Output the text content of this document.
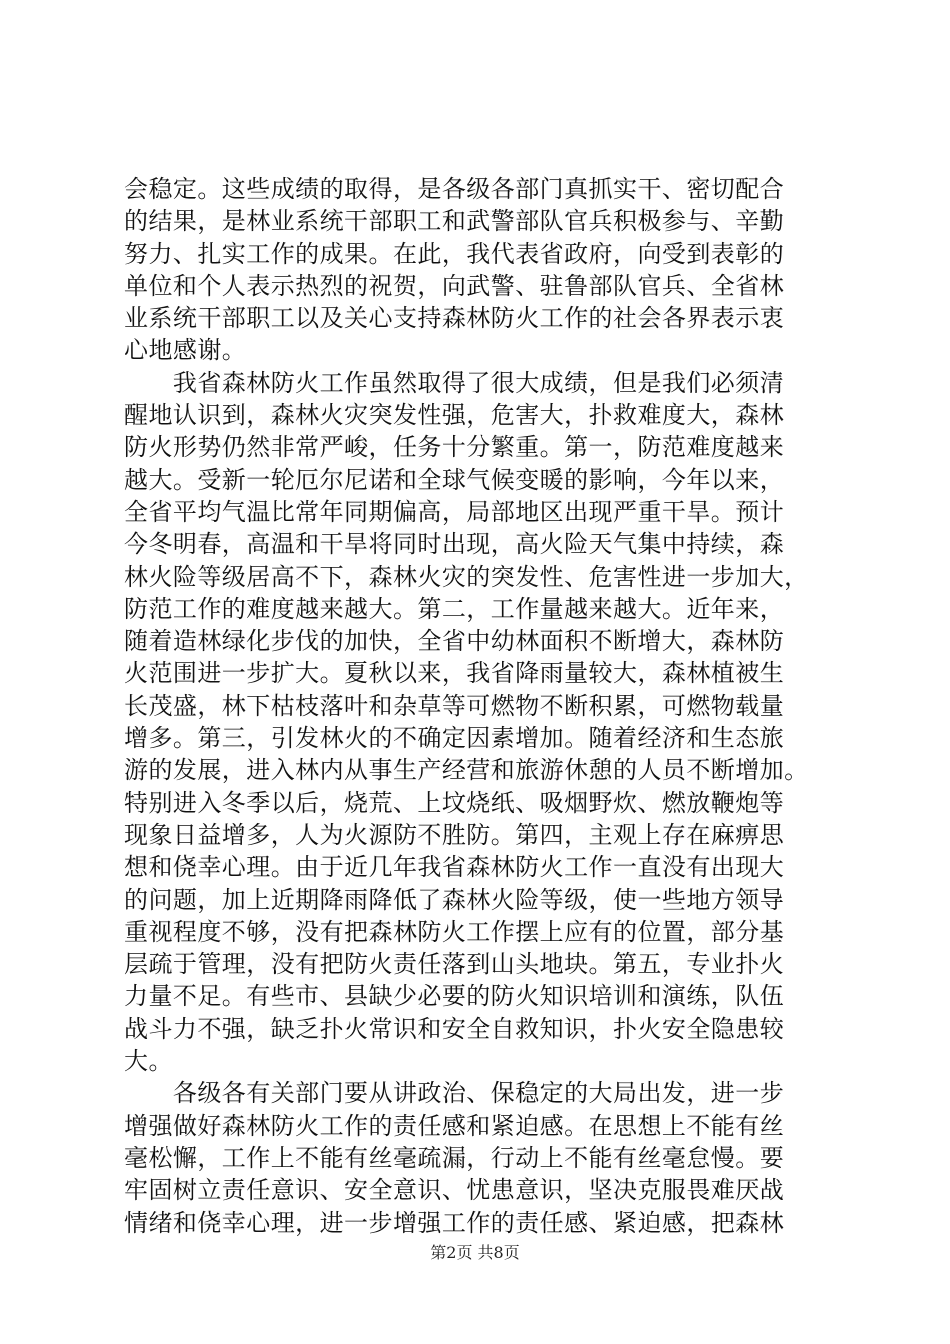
会稳定。这些成绩的取得，是各级各部门真抓实干、密切配合
的结果，是林业系统干部职工和武警部队官兵积极参与、辛勤
努力、扎实工作的成果。在此，我代表省政府，向受到表彰的
单位和个人表示热烈的祝贺，向武警、驻鲁部队官兵、全省林
业系统干部职工以及关心支持森林防火工作的社会各界表示衷
心地感谢。
　　我省森林防火工作虽然取得了很大成绩，但是我们必须清
醒地认识到，森林火灾突发性强，危害大，扑救难度大，森林
防火形势仍然非常严峻，任务十分繁重。第一，防范难度越来
越大。受新一轮厄尔尼诺和全球气候变暖的影响，今年以来，
全省平均气温比常年同期偏高，局部地区出现严重干旱。预计
今冬明春，高温和干旱将同时出现，高火险天气集中持续，森
林火险等级居高不下，森林火灾的突发性、危害性进一步加大，
防范工作的难度越来越大。第二，工作量越来越大。近年来，
随着造林绿化步伐的加快，全省中幼林面积不断增大，森林防
火范围进一步扩大。夏秋以来，我省降雨量较大，森林植被生
长茂盛，林下枯枝落叶和杂草等可燃物不断积累，可燃物载量
增多。第三，引发林火的不确定因素增加。随着经济和生态旅
游的发展，进入林内从事生产经营和旅游休憩的人员不断增加。
特别进入冬季以后，烧荒、上坟烧纸、吸烟野炊、燃放鞭炮等
现象日益增多，人为火源防不胜防。第四，主观上存在麻痹思
想和侥幸心理。由于近几年我省森林防火工作一直没有出现大
的问题，加上近期降雨降低了森林火险等级，使一些地方领导
重视程度不够，没有把森林防火工作摆上应有的位置，部分基
层疏于管理，没有把防火责任落到山头地块。第五，专业扑火
力量不足。有些市、县缺少必要的防火知识培训和演练，队伍
战斗力不强，缺乏扑火常识和安全自救知识，扑火安全隐患较
大。
　　各级各有关部门要从讲政治、保稳定的大局出发，进一步
增强做好森林防火工作的责任感和紧迫感。在思想上不能有丝
毫松懈，工作上不能有丝毫疏漏，行动上不能有丝毫怠慢。要
牢固树立责任意识、安全意识、忧患意识，坚决克服畏难厌战
情绪和侥幸心理，进一步增强工作的责任感、紧迫感，把森林
第2页 共8页
